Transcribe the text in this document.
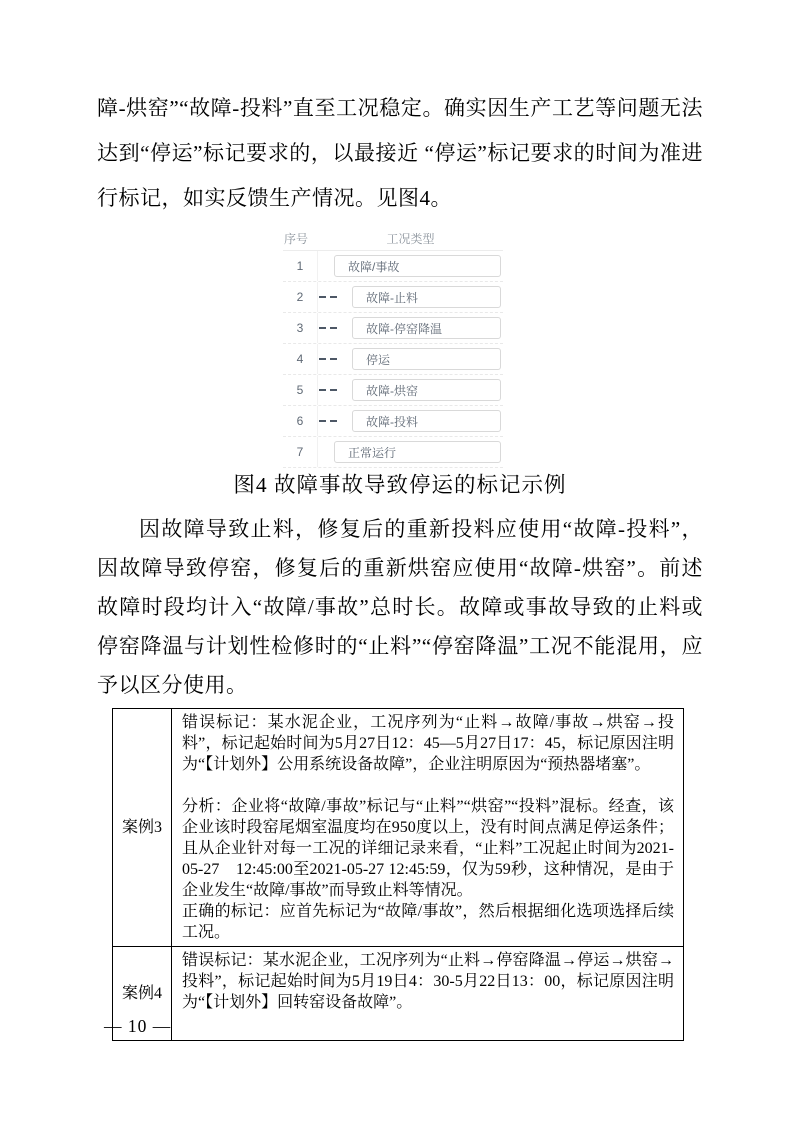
障-烘窑”“故障-投料”直至工况稳定。确实因生产工艺等问题无法达到“停运”标记要求的，以最接近 “停运”标记要求的时间为准进行标记，如实反馈生产情况。见图4。
序号	工况类型
1	故障/事故
2	故障-止料
3	故障-停窑降温
4	停运
5	故障-烘窑
6	故障-投料
7	正常运行
图4 故障事故导致停运的标记示例
因故障导致止料，修复后的重新投料应使用“故障-投料”，因故障导致停窑，修复后的重新烘窑应使用“故障-烘窑”。前述故障时段均计入“故障/事故”总时长。故障或事故导致的止料或停窑降温与计划性检修时的“止料”“停窑降温”工况不能混用，应予以区分使用。
案例3	错误标记：某水泥企业，工况序列为“止料→故障/事故→烘窑→投料”，标记起始时间为5月27日12：45—5月27日17：45，标记原因注明为“【计划外】公用系统设备故障”，企业注明原因为“预热器堵塞”。

分析：企业将“故障/事故”标记与“止料”“烘窑”“投料”混标。经查，该企业该时段窑尾烟室温度均在950度以上，没有时间点满足停运条件；且从企业针对每一工况的详细记录来看，“止料”工况起止时间为2021-05-27　12:45:00至2021-05-27 12:45:59，仅为59秒，这种情况，是由于企业发生“故障/事故”而导致止料等情况。

正确的标记：应首先标记为“故障/事故”，然后根据细化选项选择后续工况。

案例4	错误标记：某水泥企业，工况序列为“止料→停窑降温→停运→烘窑→投料”，标记起始时间为5月19日4：30-5月22日13：00，标记原因注明为“【计划外】回转窑设备故障”。

— 10 —
